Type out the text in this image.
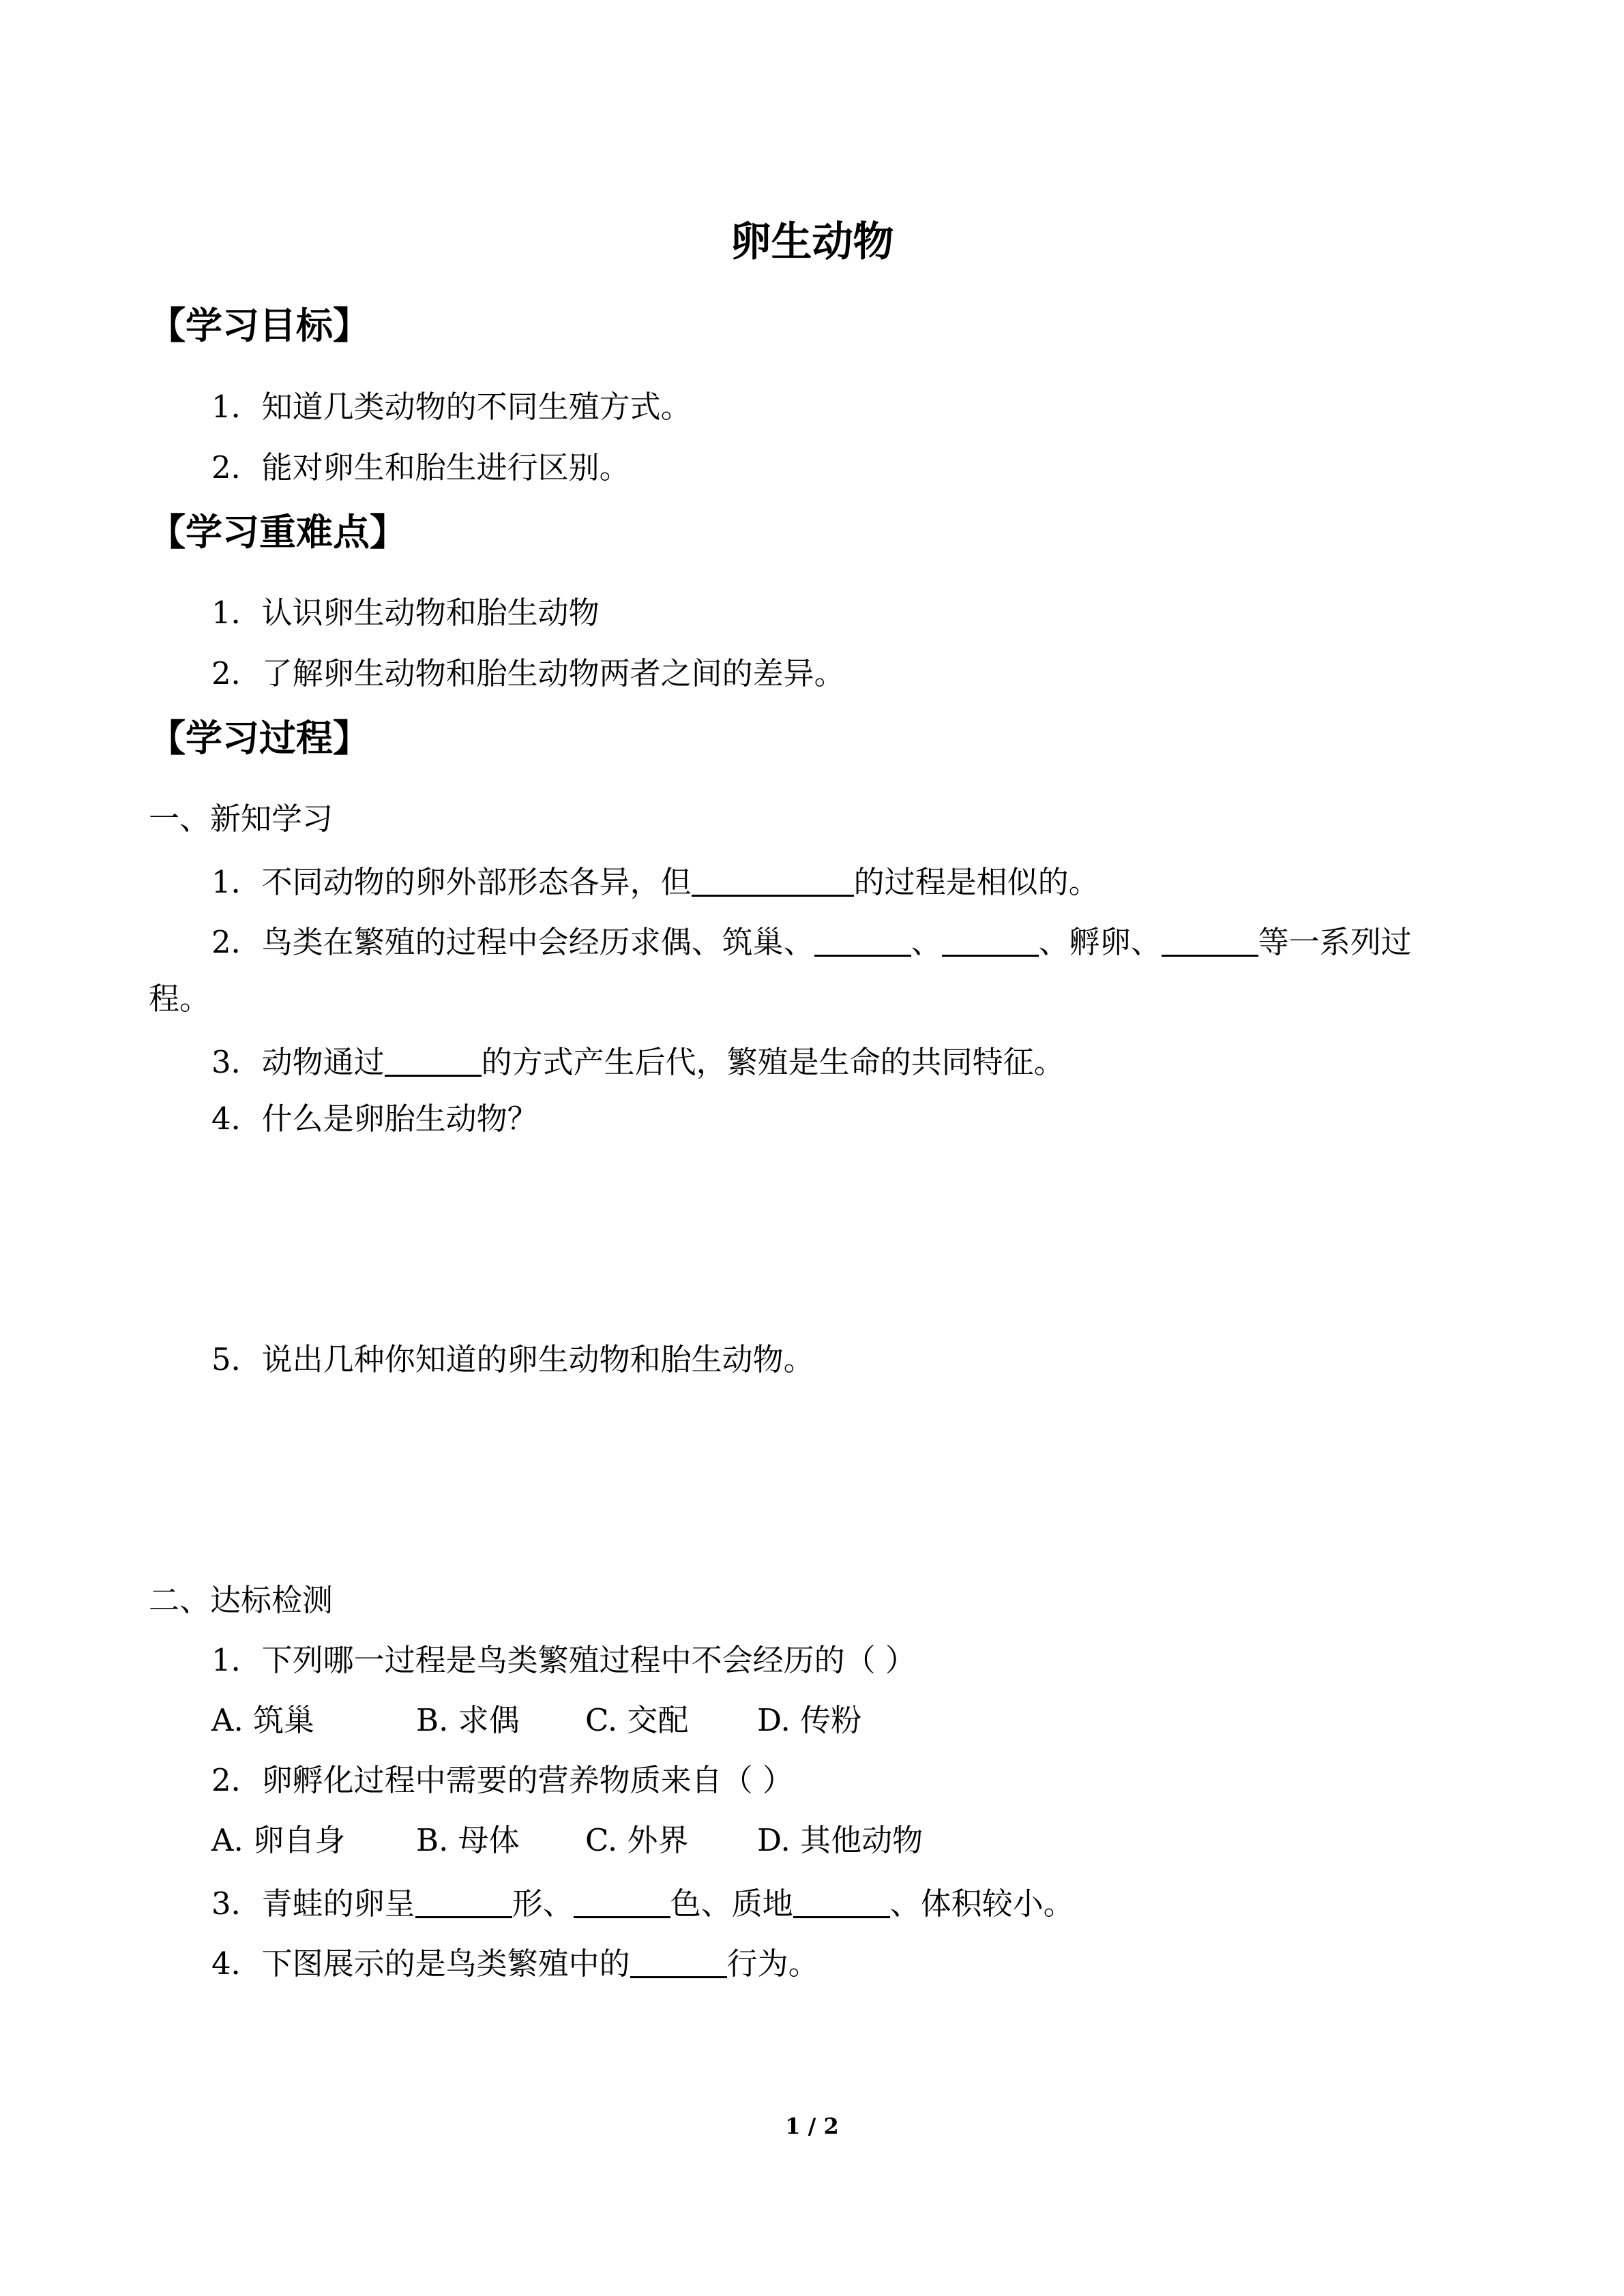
卵生动物
【学习目标】
1．知道几类动物的不同生殖方式。
2．能对卵生和胎生进行区别。
【学习重难点】
1．认识卵生动物和胎生动物
2．了解卵生动物和胎生动物两者之间的差异。
【学习过程】
一、新知学习
1．不同动物的卵外部形态各异，但	的过程是相似的。
2．鸟类在繁殖的过程中会经历求偶、筑巢、	、	、孵卵、	等一系列过
程。
3．动物通过	的方式产生后代，繁殖是生命的共同特征。
4．什么是卵胎生动物？
5．说出几种你知道的卵生动物和胎生动物。
二、达标检测
1．下列哪一过程是鸟类繁殖过程中不会经历的（ ）
A. 筑巢	B. 求偶 C. 交配 D. 传粉
2．卵孵化过程中需要的营养物质来自（ ）
A. 卵自身 B. 母体 C. 外界 D. 其他动物
3．青蛙的卵呈	形、	色、质地	、体积较小。
4．下图展示的是鸟类繁殖中的	行为。
1 / 2
